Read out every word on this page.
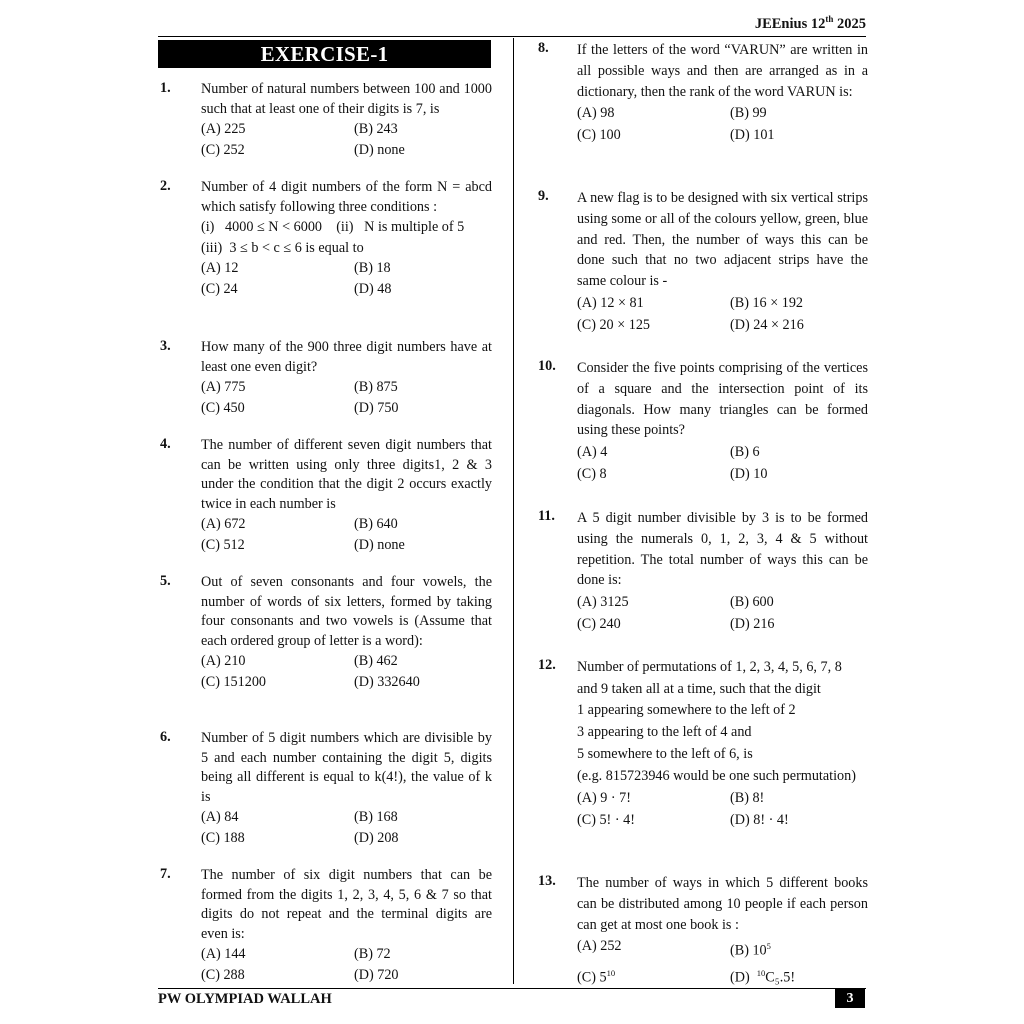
JEEnius 12th 2025
EXERCISE-1
1. Number of natural numbers between 100 and 1000 such that at least one of their digits is 7, is
(A) 225	(B) 243
(C) 252	(D) none
2. Number of 4 digit numbers of the form N = abcd which satisfy following three conditions :
(i)   4000 ≤ N < 6000    (ii)   N is multiple of 5
(iii)  3 ≤ b < c ≤ 6 is equal to
(A) 12	(B) 18
(C) 24	(D) 48
3. How many of the 900 three digit numbers have at least one even digit?
(A) 775	(B) 875
(C) 450	(D) 750
4. The number of different seven digit numbers that can be written using only three digits1, 2 & 3 under the condition that the digit 2 occurs exactly twice in each number is
(A) 672	(B) 640
(C) 512	(D) none
5. Out of seven consonants and four vowels, the number of words of six letters, formed by taking four consonants and two vowels is (Assume that each ordered group of letter is a word):
(A) 210	(B) 462
(C) 151200	(D) 332640
6. Number of 5 digit numbers which are divisible by 5 and each number containing the digit 5, digits being all different is equal to k(4!), the value of k is
(A) 84	(B) 168
(C) 188	(D) 208
7. The number of six digit numbers that can be formed from the digits 1, 2, 3, 4, 5, 6 & 7 so that digits do not repeat and the terminal digits are even is:
(A) 144	(B) 72
(C) 288	(D) 720
8. If the letters of the word “VARUN” are written in all possible ways and then are arranged as in a dictionary, then the rank of the word VARUN is:
(A) 98	(B) 99
(C) 100	(D) 101
9. A new flag is to be designed with six vertical strips using some or all of the colours yellow, green, blue and red. Then, the number of ways this can be done such that no two adjacent strips have the same colour is -
(A) 12 × 81	(B) 16 × 192
(C) 20 × 125	(D) 24 × 216
10. Consider the five points comprising of the vertices of a square and the intersection point of its diagonals. How many triangles can be formed using these points?
(A) 4	(B) 6
(C) 8	(D) 10
11. A 5 digit number divisible by 3 is to be formed using the numerals 0, 1, 2, 3, 4 & 5 without repetition. The total number of ways this can be done is:
(A) 3125	(B) 600
(C) 240	(D) 216
12. Number of permutations of 1, 2, 3, 4, 5, 6, 7, 8
and 9 taken all at a time, such that the digit
1 appearing somewhere to the left of 2
3 appearing to the left of 4 and
5 somewhere to the left of 6, is
(e.g. 815723946 would be one such permutation)
(A) 9 · 7!	(B) 8!
(C) 5! · 4!	(D) 8! · 4!
13. The number of ways in which 5 different books can be distributed among 10 people if each person can get at most one book is :
(A) 252	(B) $10^5$
(C) $5^{10}$	(D)  $^{10}$C₅.5!
PW OLYMPIAD WALLAH	3
